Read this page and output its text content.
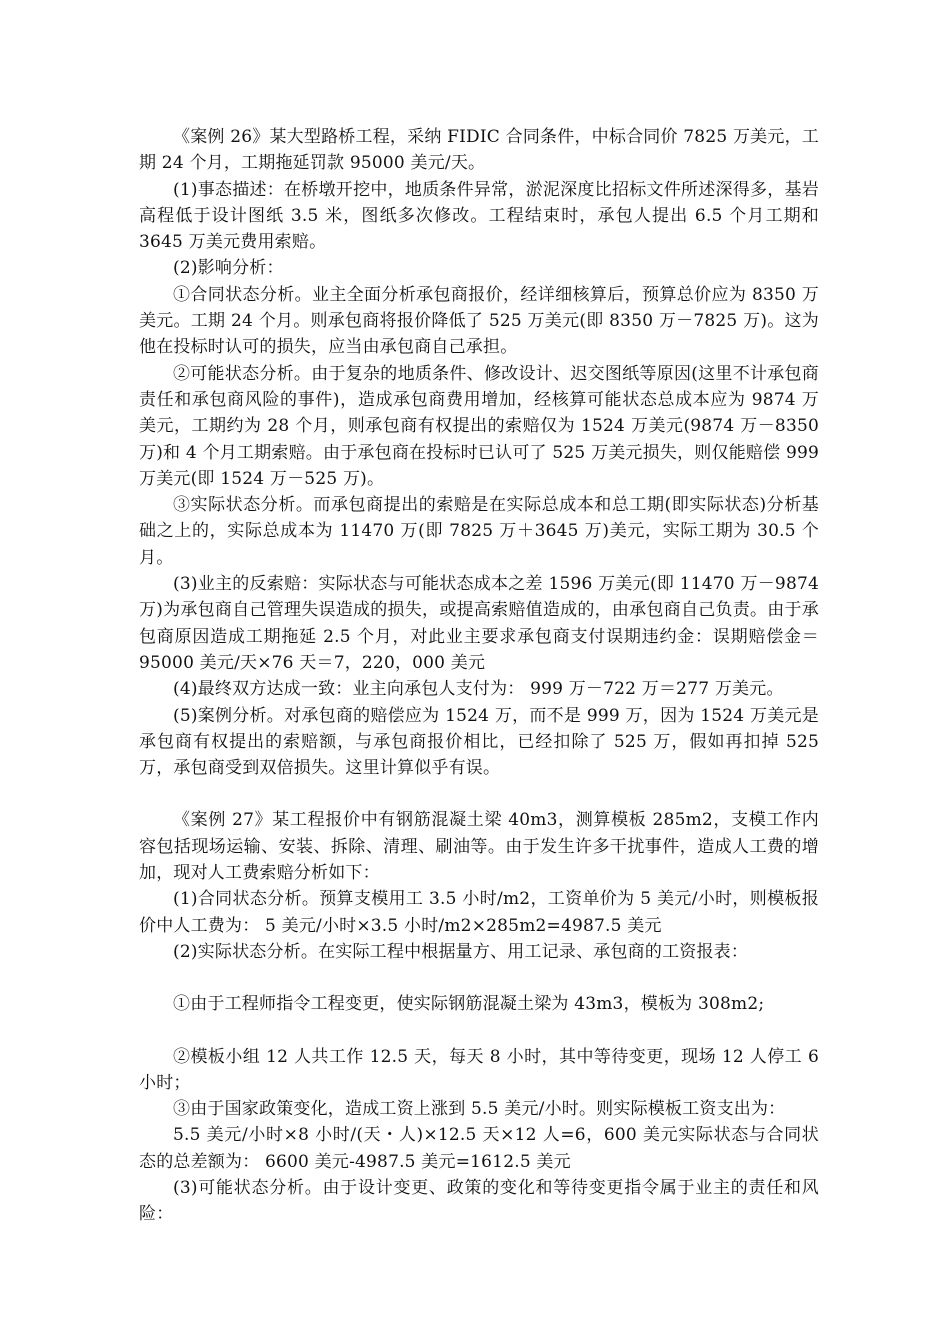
《案例 26》某大型路桥工程，采纳 FIDIC 合同条件，中标合同价 7825 万美元，工期 24 个月，工期拖延罚款 95000 美元/天。

(1)事态描述：在桥墩开挖中，地质条件异常，淤泥深度比招标文件所述深得多，基岩高程低于设计图纸 3.5 米，图纸多次修改。工程结束时，承包人提出 6.5 个月工期和 3645 万美元费用索赔。

(2)影响分析：

①合同状态分析。业主全面分析承包商报价，经详细核算后，预算总价应为 8350 万美元。工期 24 个月。则承包商将报价降低了 525 万美元(即 8350 万－7825 万)。这为他在投标时认可的损失，应当由承包商自己承担。

②可能状态分析。由于复杂的地质条件、修改设计、迟交图纸等原因(这里不计承包商责任和承包商风险的事件)，造成承包商费用增加，经核算可能状态总成本应为 9874 万美元，工期约为 28 个月，则承包商有权提出的索赔仅为 1524 万美元(9874 万－8350 万)和 4 个月工期索赔。由于承包商在投标时已认可了 525 万美元损失，则仅能赔偿 999 万美元(即 1524 万－525 万)。

③实际状态分析。而承包商提出的索赔是在实际总成本和总工期(即实际状态)分析基础之上的，实际总成本为 11470 万(即 7825 万＋3645 万)美元，实际工期为 30.5 个月。

(3)业主的反索赔：实际状态与可能状态成本之差 1596 万美元(即 11470 万－9874 万)为承包商自己管理失误造成的损失，或提高索赔值造成的，由承包商自己负责。由于承包商原因造成工期拖延 2.5 个月，对此业主要求承包商支付误期违约金：误期赔偿金＝95000 美元/天×76 天＝7，220，000 美元

(4)最终双方达成一致：业主向承包人支付为： 999 万－722 万＝277 万美元。

(5)案例分析。对承包商的赔偿应为 1524 万，而不是 999 万，因为 1524 万美元是承包商有权提出的索赔额，与承包商报价相比，已经扣除了 525 万，假如再扣掉 525 万，承包商受到双倍损失。这里计算似乎有误。

《案例 27》某工程报价中有钢筋混凝土梁 40m3，测算模板 285m2，支模工作内容包括现场运输、安装、拆除、清理、刷油等。由于发生许多干扰事件，造成人工费的增加，现对人工费索赔分析如下：

(1)合同状态分析。预算支模用工 3.5 小时/m2，工资单价为 5 美元/小时，则模板报价中人工费为： 5 美元/小时×3.5 小时/m2×285m2=4987.5 美元

(2)实际状态分析。在实际工程中根据量方、用工记录、承包商的工资报表：

①由于工程师指令工程变更，使实际钢筋混凝土梁为 43m3，模板为 308m2;

②模板小组 12 人共工作 12.5 天，每天 8 小时，其中等待变更，现场 12 人停工 6 小时；

③由于国家政策变化，造成工资上涨到 5.5 美元/小时。则实际模板工资支出为：

5.5 美元/小时×8 小时/(天・人)×12.5 天×12 人=6，600 美元实际状态与合同状态的总差额为： 6600 美元-4987.5 美元=1612.5 美元

(3)可能状态分析。由于设计变更、政策的变化和等待变更指令属于业主的责任和风险：
